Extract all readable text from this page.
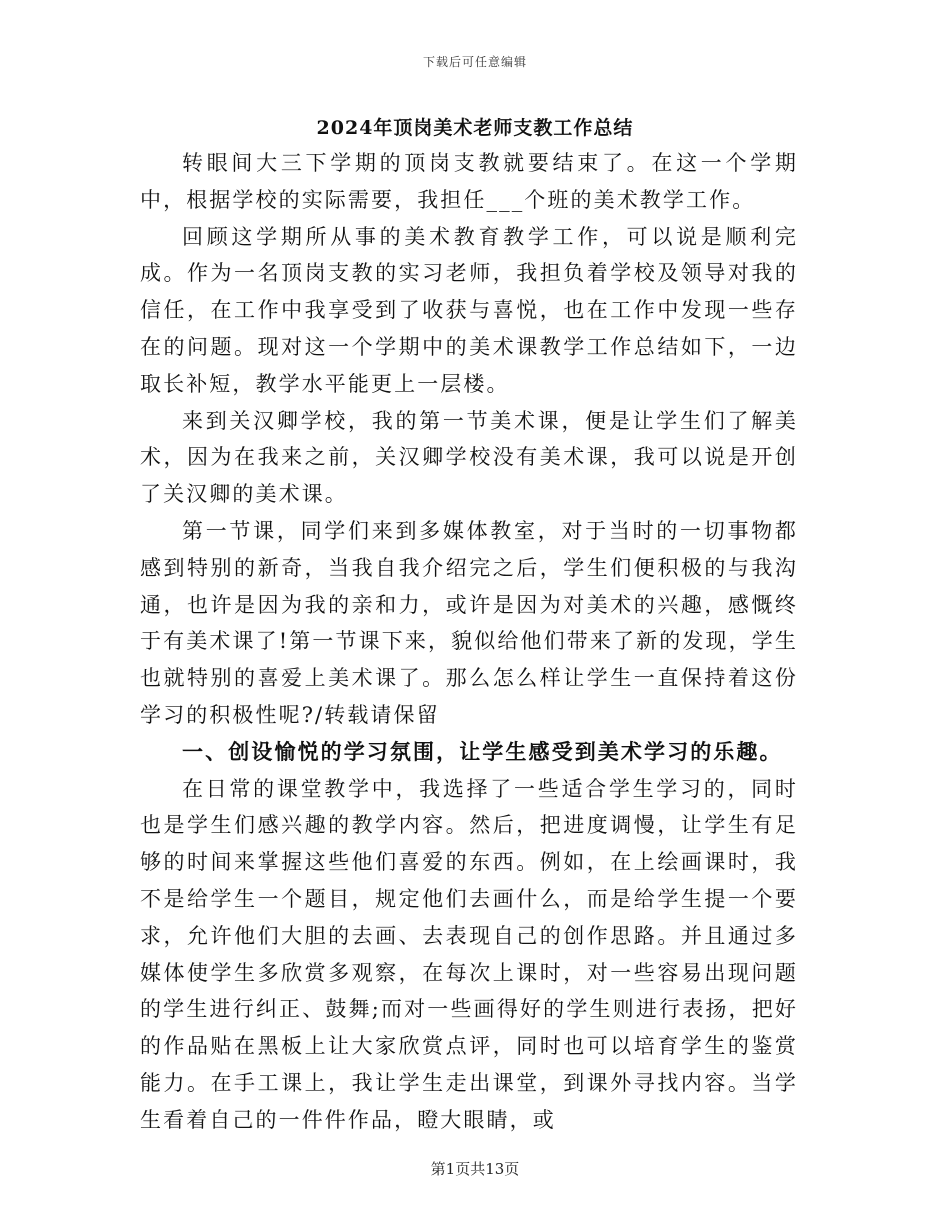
下载后可任意编辑
2024年顶岗美术老师支教工作总结

转眼间大三下学期的顶岗支教就要结束了。在这一个学期中，根据学校的实际需要，我担任___个班的美术教学工作。

回顾这学期所从事的美术教育教学工作，可以说是顺利完成。作为一名顶岗支教的实习老师，我担负着学校及领导对我的信任，在工作中我享受到了收获与喜悦，也在工作中发现一些存在的问题。现对这一个学期中的美术课教学工作总结如下，一边取长补短，教学水平能更上一层楼。

来到关汉卿学校，我的第一节美术课，便是让学生们了解美术，因为在我来之前，关汉卿学校没有美术课，我可以说是开创了关汉卿的美术课。

第一节课，同学们来到多媒体教室，对于当时的一切事物都感到特别的新奇，当我自我介绍完之后，学生们便积极的与我沟通，也许是因为我的亲和力，或许是因为对美术的兴趣，感慨终于有美术课了!第一节课下来，貌似给他们带来了新的发现，学生也就特别的喜爱上美术课了。那么怎么样让学生一直保持着这份学习的积极性呢?/转载请保留

一、创设愉悦的学习氛围，让学生感受到美术学习的乐趣。

在日常的课堂教学中，我选择了一些适合学生学习的，同时也是学生们感兴趣的教学内容。然后，把进度调慢，让学生有足够的时间来掌握这些他们喜爱的东西。例如，在上绘画课时，我不是给学生一个题目，规定他们去画什么，而是给学生提一个要求，允许他们大胆的去画、去表现自己的创作思路。并且通过多媒体使学生多欣赏多观察，在每次上课时，对一些容易出现问题的学生进行纠正、鼓舞;而对一些画得好的学生则进行表扬，把好的作品贴在黑板上让大家欣赏点评，同时也可以培育学生的鉴赏能力。在手工课上，我让学生走出课堂，到课外寻找内容。当学生看着自己的一件件作品，瞪大眼睛，或

第1页共13页
